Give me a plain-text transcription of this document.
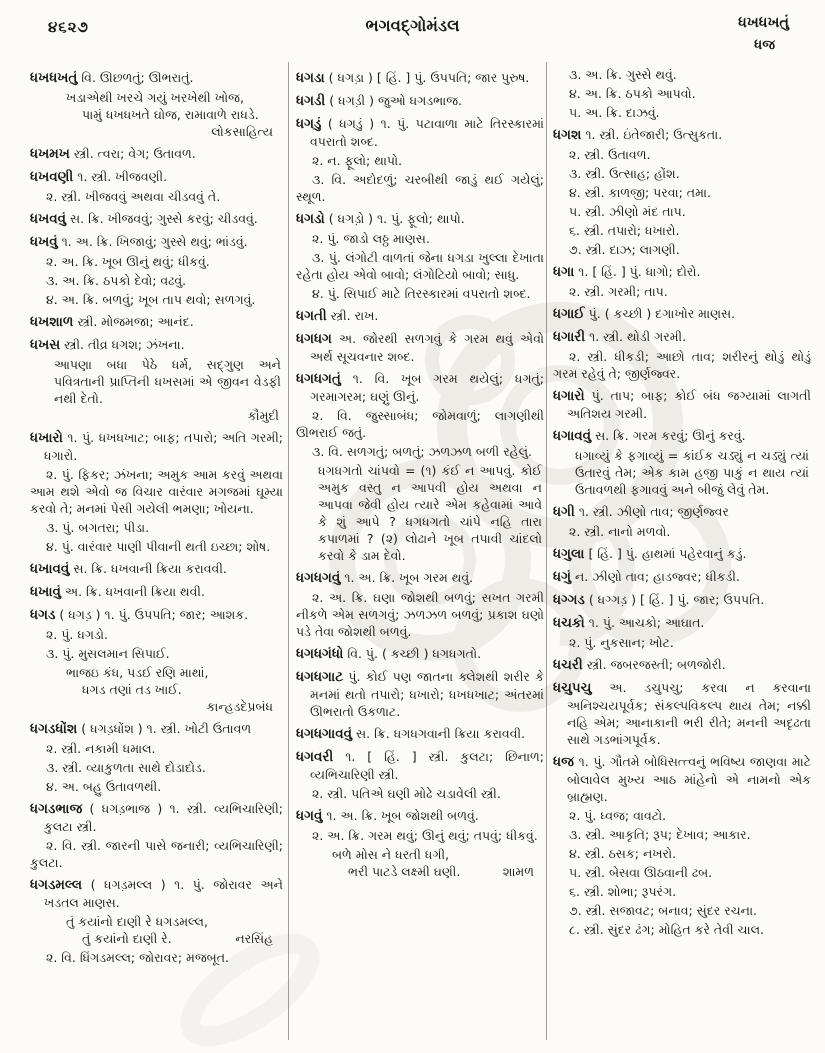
૪૬૨૭	ભગવદ્ગોમંડલ	ધખધખતું
ધજ

ધખધખતું વિ. ઊછળતું; ઊભરાતું.

ખડાએથી ખરચે ગયું ખરખેથી ખોજ,
પામું ધખધખતે ઘોજ, રામાવાળે રાધડે.
લોકસાહિત્ય

ધખમખ સ્ત્રી. ત્વરા; વેગ; ઉતાવળ.

ધખવણી ૧. સ્ત્રી. ખીજવણી.

૨. સ્ત્રી. ખીજવવું અથવા ચીડવવું તે.

ધખવવું સ. ક્રિ. ખીજવવું; ગુસ્સે કરવું; ચીડવવું.

ધખવું ૧. અ. ક્રિ. ખિજાવું; ગુસ્સે થવું; ભાંડવું.

૨. અ. ક્રિ. ખૂબ ઊનું થવું; ધીકવું.

૩. અ. ક્રિ. ઠપકો દેવો; વઢવું.

૪. અ. ક્રિ. બળવું; ખૂબ તાપ થવો; સળગવું.

ધખશાળ સ્ત્રી. મોજમજા; આનંદ.

ધખસ સ્ત્રી. તીવ્ર ધગશ; ઝંખના.

આપણા બધા પેઠે ધર્મ, સદ્‌ગુણ અને પવિત્રતાની પ્રાપ્તિની ધખસમાં એ જીવન વેડફી નથી દેતો.

કૌમુદી

ધખારો ૧. પું. ધખધખાટ; બાફ; તપારો; અતિ ગરમી; ધગારો.

૨. પું. ફિકર; ઝંખના; અમુક આમ કરવું અથવા આમ થશે એવો જ વિચાર વારંવાર મગજમાં ઘૂમ્યા કરવો તે; મનમાં પેસી ગયેલી ભમણા; ખોયના.

૩. પું. બગતરા; પીડા.

૪. પું. વારંવાર પાણી પીવાની થતી ઇચ્છા; શોષ.

ધખાવવું સ. ક્રિ. ધખવાની ક્રિયા કરાવવી.

ધખાવું અ. ક્રિ. ધખવાની ક્રિયા થવી.

ધગડ ( ધગડ઼ ) ૧. પું. ઉપપતિ; જાર; આશક.

૨. પું. ધગડો.

૩. પું. મુસલમાન સિપાઈ.

ભાજઇ કંધ, પડઈ રણિ માથાં,
ધગડ તણાં તડ ખાઈ.
કાન્હડદેપ્રબંધ

ધગડધોંશ ( ધગડ઼ધોંશ ) ૧. સ્ત્રી. ખોટી ઉતાવળ

૨. સ્ત્રી. નકામી ધમાલ.

૩. સ્ત્રી. વ્યાકુળતા સાથે દોડાદોડ.

૪. અ. બહુ ઉતાવળથી.

ધગડભાજ ( ધગડ઼ભાજ ) ૧. સ્ત્રી. વ્યભિચારિણી; કુલટા સ્ત્રી.

૨. વિ. સ્ત્રી. જારની પાસે જનારી; વ્યભિચારિણી; કુલટા.

ધગડમલ્લ ( ધગડ઼મલ્લ ) ૧. પું. જોરાવર અને ખડતલ માણસ.

તું કયાંનો દાણી રે ધગડમલ્લ,
તું કયાંનો દાણી રે.	નરસિંહ

૨. વિ. ધિંગડમલ્લ; જોરાવર; મજબૂત.

ધગડા ( ધગડ઼ા ) [ હિં. ] પું. ઉપપતિ; જાર પુરુષ.

ધગડી ( ધગડ઼ી ) જુઓ ધગડભાજ.

ધગડું ( ધગડ઼ું ) ૧. પું. પટાવાળા માટે તિરસ્કારમાં વપરાતો શબ્દ.

૨. ન. ફૂલો; થાપો.

૩. વિ. અદોદળું; ચરબીથી જાડું થઈ ગયેલું; સ્થૂળ.

ધગડો ( ધગડ઼ો ) ૧. પું. ફૂલો; થાપો.

૨. પું. જાડો લઠ્ઠ માણસ.

૩. પું. લંગોટી વાળતાં જેના ધગડા ખુલ્લા દેખાતા રહેતા હોય એવો બાવો; લંગોટિયો બાવો; સાધુ.

૪. પું. સિપાઈ માટે તિરસ્કારમાં વપરાતો શબ્દ.

ધગતી સ્ત્રી. રાખ.

ધગધગ અ. જોરથી સળગવું કે ગરમ થવું એવો અર્થ સૂચવનાર શબ્દ.

ધગધગતું ૧. વિ. ખૂબ ગરમ થયેલું; ધગતું; ગરમાગરમ; ઘણું ઊનું.

૨. વિ. જુસ્સાબંધ; જોમવાળું; લાગણીથી ઊભરાઈ જતું.

૩. વિ. સળગતું; બળતું; ઝળઝળ બળી રહેલું.

ધગધગતો ચાંપવો = (૧) કંઈ ન આપવું. કોઈ અમુક વસ્તુ ન આપવી હોય અથવા ન આપવા જેવી હોય ત્યારે એમ કહેવામાં આવે કે શું આપે ? ધગધગતો ચાંપે નહિ તારા કપાળમાં ? (૨) લોઢાને ખૂબ તપાવી ચાંદલો કરવો કે ડામ દેવો.

ધગધગવું ૧. અ. ક્રિ. ખૂબ ગરમ થવું.

૨. અ. ક્રિ. ઘણા જોશથી બળવું; સખત ગરમી નીકળે એમ સળગવું; ઝળઝળ બળવું; પ્રકાશ ઘણો પડે તેવા જોશથી બળવું.

ધગધગંધો વિ. પું. ( કચ્છી ) ધગધગતો.

ધગધગાટ પું. કોઈ પણ જાતના ક્લેશથી શરીર કે મનમાં થતો તપારો; ધખારો; ધખધખાટ; અંતરમાં ઊભરાતો ઉકળાટ.

ધગધગાવવું સ. ક્રિ. ધગધગવાની ક્રિયા કરાવવી.

ધગવરી ૧. [ હિં. ] સ્ત્રી. કુલટા; છિનાળ; વ્યભિચારિણી સ્ત્રી.

૨. સ્ત્રી. પતિએ ઘણી મોઢે ચડાવેલી સ્ત્રી.

ધગવું ૧. અ. ક્રિ. ખૂબ જોશથી બળવું.

૨. અ. ક્રિ. ગરમ થવું; ઊનું થવું; તપવું; ધીકવું.

બળે મોસ ને ધરતી ધગી,
ભરી પાટડે લક્ષ્મી ઘણી.	શામળ

૩. અ. ક્રિ. ગુસ્સે થવું.

૪. અ. ક્રિ. ઠપકો આપવો.

૫. અ. ક્રિ. દાઝવું.

ધગશ ૧. સ્ત્રી. ઇંતેજારી; ઉત્સુકતા.

૨. સ્ત્રી. ઉતાવળ.

૩. સ્ત્રી. ઉત્સાહ; હોંશ.

૪. સ્ત્રી. કાળજી; પરવા; તમા.

૫. સ્ત્રી. ઝીણો મંદ તાપ.

૬. સ્ત્રી. તપારો; ધખારો.

૭. સ્ત્રી. દાઝ; લાગણી.

ધગા ૧. [ હિં. ] પું. ધાગો; દોરો.

૨. સ્ત્રી. ગરમી; તાપ.

ધગાઈ પું. ( કચ્છી ) દગાખોર માણસ.

ધગારી ૧. સ્ત્રી. થોડી ગરમી.

૨. સ્ત્રી. ધીકડી; આછો તાવ; શરીરનું થોડું થોડું ગરમ રહેવું તે; જીર્ણજ્વર.

ધગારો પું. તાપ; બાફ; કોઈ બંધ જગ્યામાં લાગતી અતિશય ગરમી.

ધગાવવું સ. ક્રિ. ગરમ કરવું; ઊનું કરવું.

ધગાવ્યું કે ફગાવ્યું = કાંઈક ચડ્યું ન ચડ્યું ત્યાં ઉતારવું તેમ; એક કામ હજી પાકું ન થાય ત્યાં ઉતાવળથી ફગાવવું અને બીજું લેવું તેમ.

ધગી ૧. સ્ત્રી. ઝીણો તાવ; જીર્ણજ્વર

૨. સ્ત્રી. નાનો મળવો.

ધગુલા [ હિં. ] પું. હાથમાં પહેરવાનું કડું.

ધગું ન. ઝીણો તાવ; હાડજ્વર; ધીકડી.

ધગ્ગડ ( ધગ્ગડ઼ ) [ હિં. ] પું. જાર; ઉપપતિ.

ધચકો ૧. પું. આચકો; આઘાત.

૨. પું. નુકસાન; ખોટ.

ધચરી સ્ત્રી. જબરજસ્તી; બળજોરી.

ધચુપચુ અ. ડચુપચુ; કરવા ન કરવાના અનિશ્ચયપૂર્વક; સંકલ્પવિકલ્પ થાય તેમ; નક્કી નહિ એમ; આનાકાની ભરી રીતે; મનની અદૃઢતા સાથે ગડભાંગપૂર્વક.

ધજ ૧. પું. ગૌતમે બોધિસત્ત્વનું ભવિષ્ય જાણવા માટે બોલાવેલ મુખ્ય આઠ માંહેનો એ નામનો એક બ્રાહ્મણ.

૨. પું. ધ્વજ; વાવટો.

૩. સ્ત્રી. આકૃતિ; રૂપ; દેખાવ; આકાર.

૪. સ્ત્રી. ઠસક; નખરો.

૫. સ્ત્રી. બેસવા ઊઠવાની ઢબ.

૬. સ્ત્રી. શોભા; રૂપરંગ.

૭. સ્ત્રી. સજાવટ; બનાવ; સુંદર રચના.

૮. સ્ત્રી. સુંદર ઢંગ; મોહિત કરે તેવી ચાલ.
